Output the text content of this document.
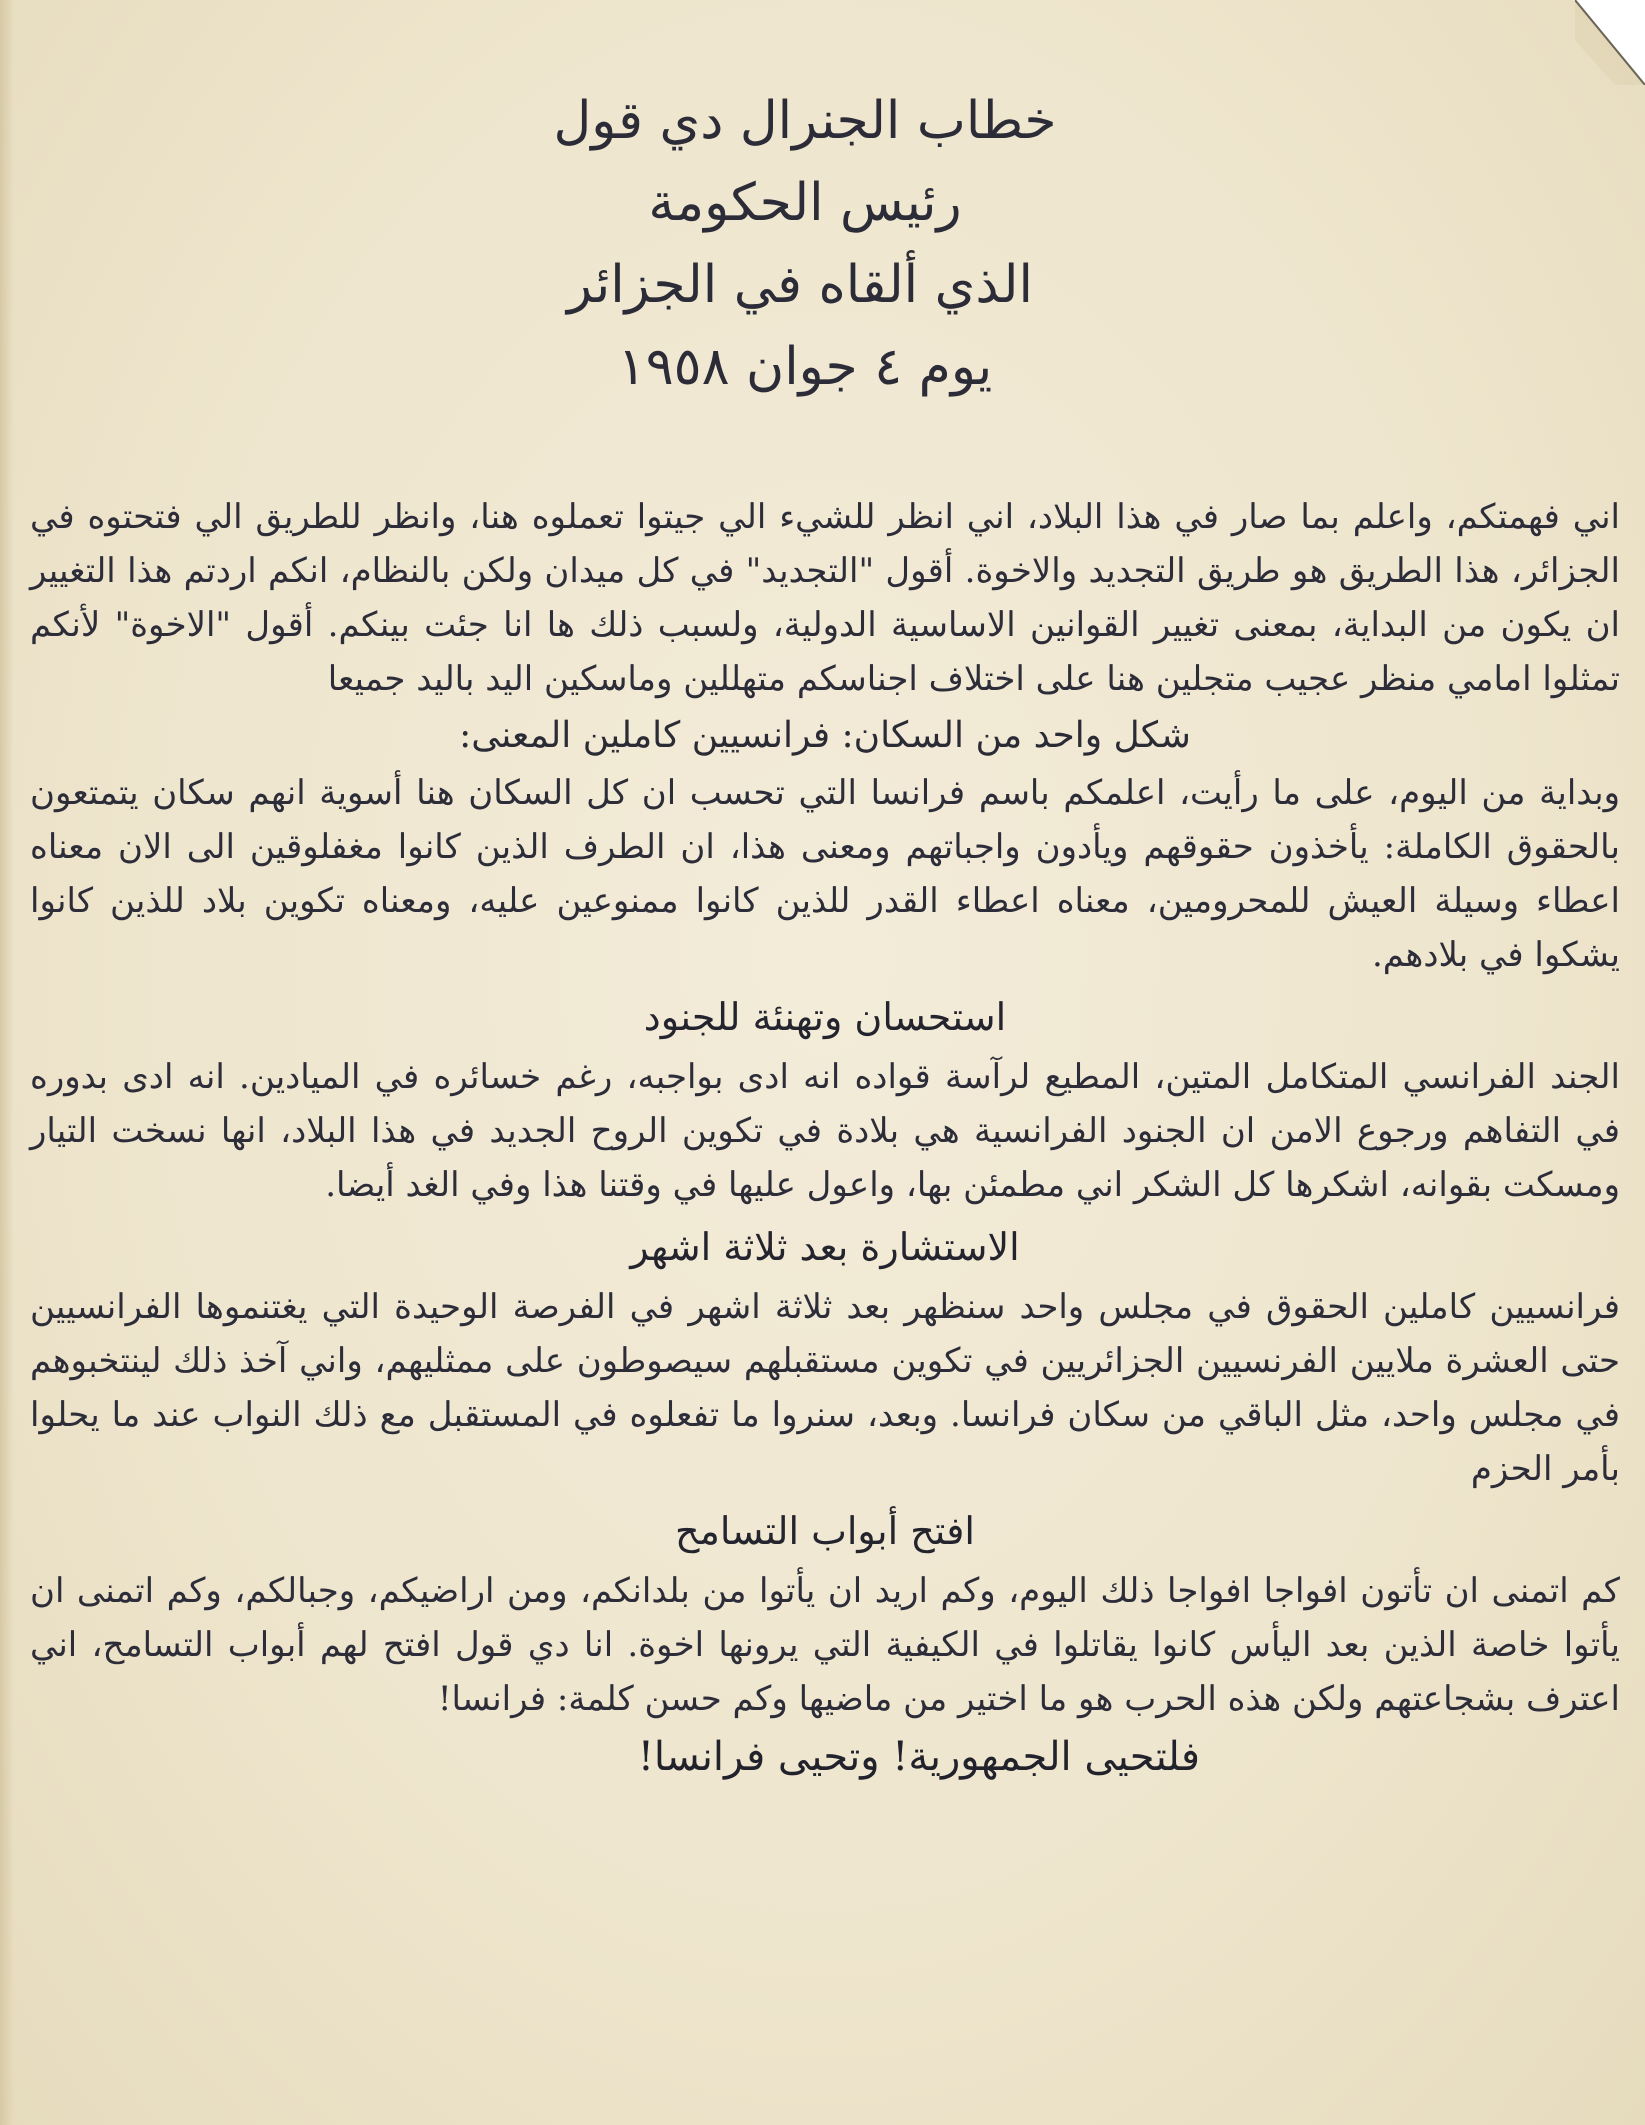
خطاب الجنرال دي قول

رئيس الحكومة

الذي ألقاه في الجزائر

يوم ٤ جوان ١٩٥٨

اني فهمتكم، واعلم بما صار في هذا البلاد، اني انظر للشيء الي جيتوا تعملوه هنا، وانظر للطريق الي فتحتوه في الجزائر، هذا الطريق هو طريق التجديد والاخوة. أقول "التجديد" في كل ميدان ولكن بالنظام، انكم اردتم هذا التغيير ان يكون من البداية، بمعنى تغيير القوانين الاساسية الدولية، ولسبب ذلك ها انا جئت بينكم. أقول "الاخوة" لأنكم تمثلوا امامي منظر عجيب متجلين هنا على اختلاف اجناسكم متهللين وماسكين اليد باليد جميعا

شكل واحد من السكان: فرانسيين كاملين المعنى:

وبداية من اليوم، على ما رأيت، اعلمكم باسم فرانسا التي تحسب ان كل السكان هنا أسوية انهم سكان يتمتعون بالحقوق الكاملة: يأخذون حقوقهم ويأدون واجباتهم ومعنى هذا، ان الطرف الذين كانوا مغفلوقين الى الان معناه اعطاء وسيلة العيش للمحرومين، معناه اعطاء القدر للذين كانوا ممنوعين عليه، ومعناه تكوين بلاد للذين كانوا يشكوا في بلادهم.

استحسان وتهنئة للجنود

الجند الفرانسي المتكامل المتين، المطيع لرآسة قواده انه ادى بواجبه، رغم خسائره في الميادين. انه ادى بدوره في التفاهم ورجوع الامن ان الجنود الفرانسية هي بلادة في تكوين الروح الجديد في هذا البلاد، انها نسخت التيار ومسكت بقوانه، اشكرها كل الشكر اني مطمئن بها، واعول عليها في وقتنا هذا وفي الغد أيضا.

الاستشارة بعد ثلاثة اشهر

فرانسيين كاملين الحقوق في مجلس واحد سنظهر بعد ثلاثة اشهر في الفرصة الوحيدة التي يغتنموها الفرانسيين حتى العشرة ملايين الفرنسيين الجزائريين في تكوين مستقبلهم سيصوطون على ممثليهم، واني آخذ ذلك لينتخبوهم في مجلس واحد، مثل الباقي من سكان فرانسا. وبعد، سنروا ما تفعلوه في المستقبل مع ذلك النواب عند ما يحلوا بأمر الحزم

افتح أبواب التسامح

كم اتمنى ان تأتون افواجا افواجا ذلك اليوم، وكم اريد ان يأتوا من بلدانكم، ومن اراضيكم، وجبالكم، وكم اتمنى ان يأتوا خاصة الذين بعد اليأس كانوا يقاتلوا في الكيفية التي يرونها اخوة. انا دي قول افتح لهم أبواب التسامح، اني اعترف بشجاعتهم ولكن هذه الحرب هو ما اختير من ماضيها وكم حسن كلمة: فرانسا!

فلتحيى الجمهورية! وتحيى فرانسا!
